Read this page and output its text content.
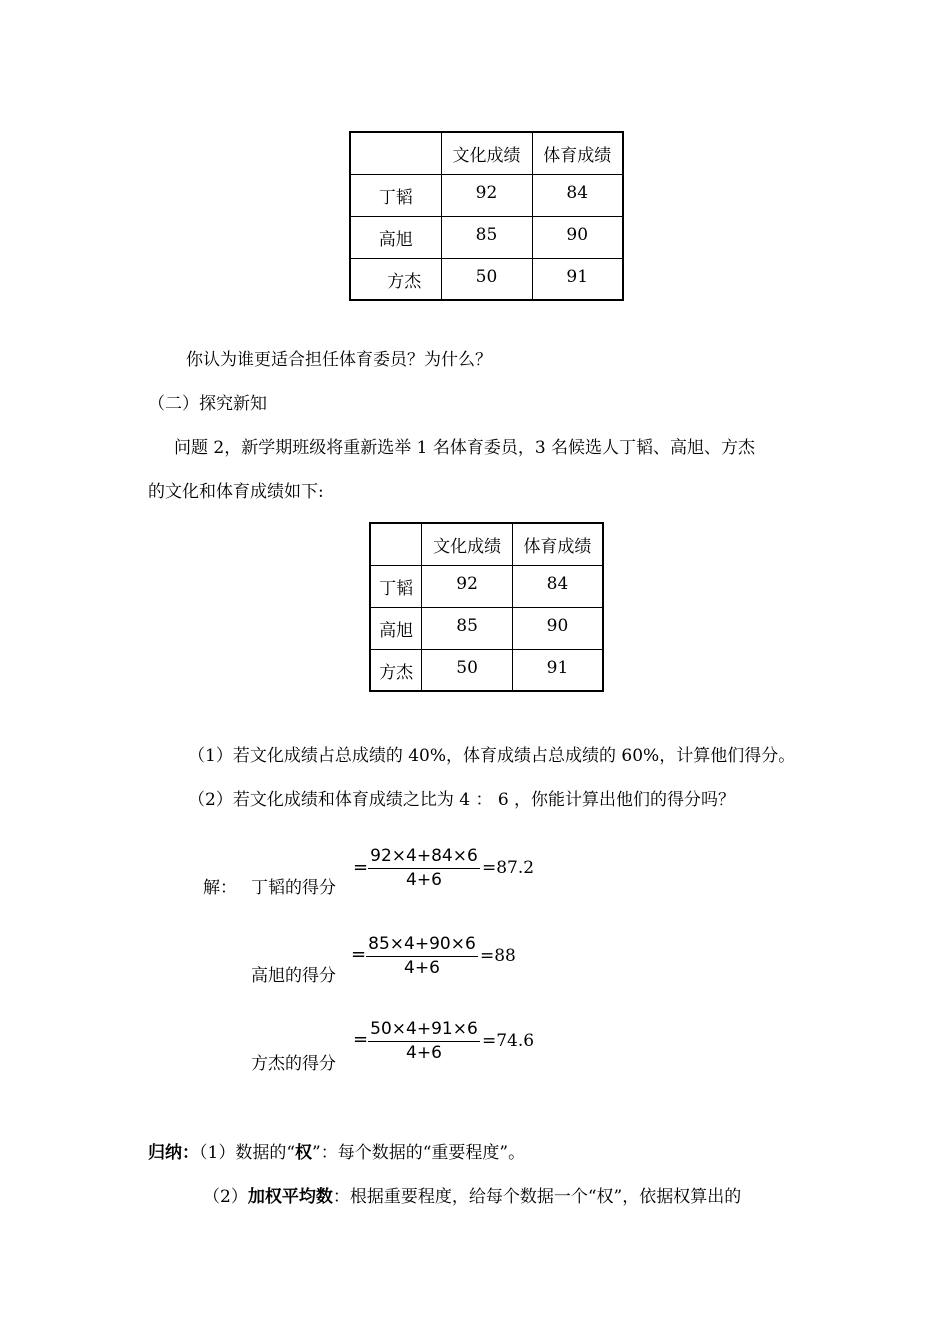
	文化成绩	体育成绩
丁韬	92	84
高旭	85	90
方杰	50	91
你认为谁更适合担任体育委员？为什么？
（二）探究新知
问题 2，新学期班级将重新选举 1 名体育委员，3 名候选人丁韬、高旭、方杰
的文化和体育成绩如下:
	文化成绩	体育成绩
丁韬	92	84
高旭	85	90
方杰	50	91
（1）若文化成绩占总成绩的 40%，体育成绩占总成绩的 60%，计算他们得分。
（2）若文化成绩和体育成绩之比为 4 ： 6 ，你能计算出他们的得分吗？
解： 丁韬的得分
=
92×4+84×6
4+6
=87.2
高旭的得分
= 85×4+90×6
4+6
=88
方杰的得分
= 50×4+91×6
4+6
=74.6
归纳：（1）数据的“权”：每个数据的“重要程度”。
（2）加权平均数：根据重要程度，给每个数据一个“权”，依据权算出的
